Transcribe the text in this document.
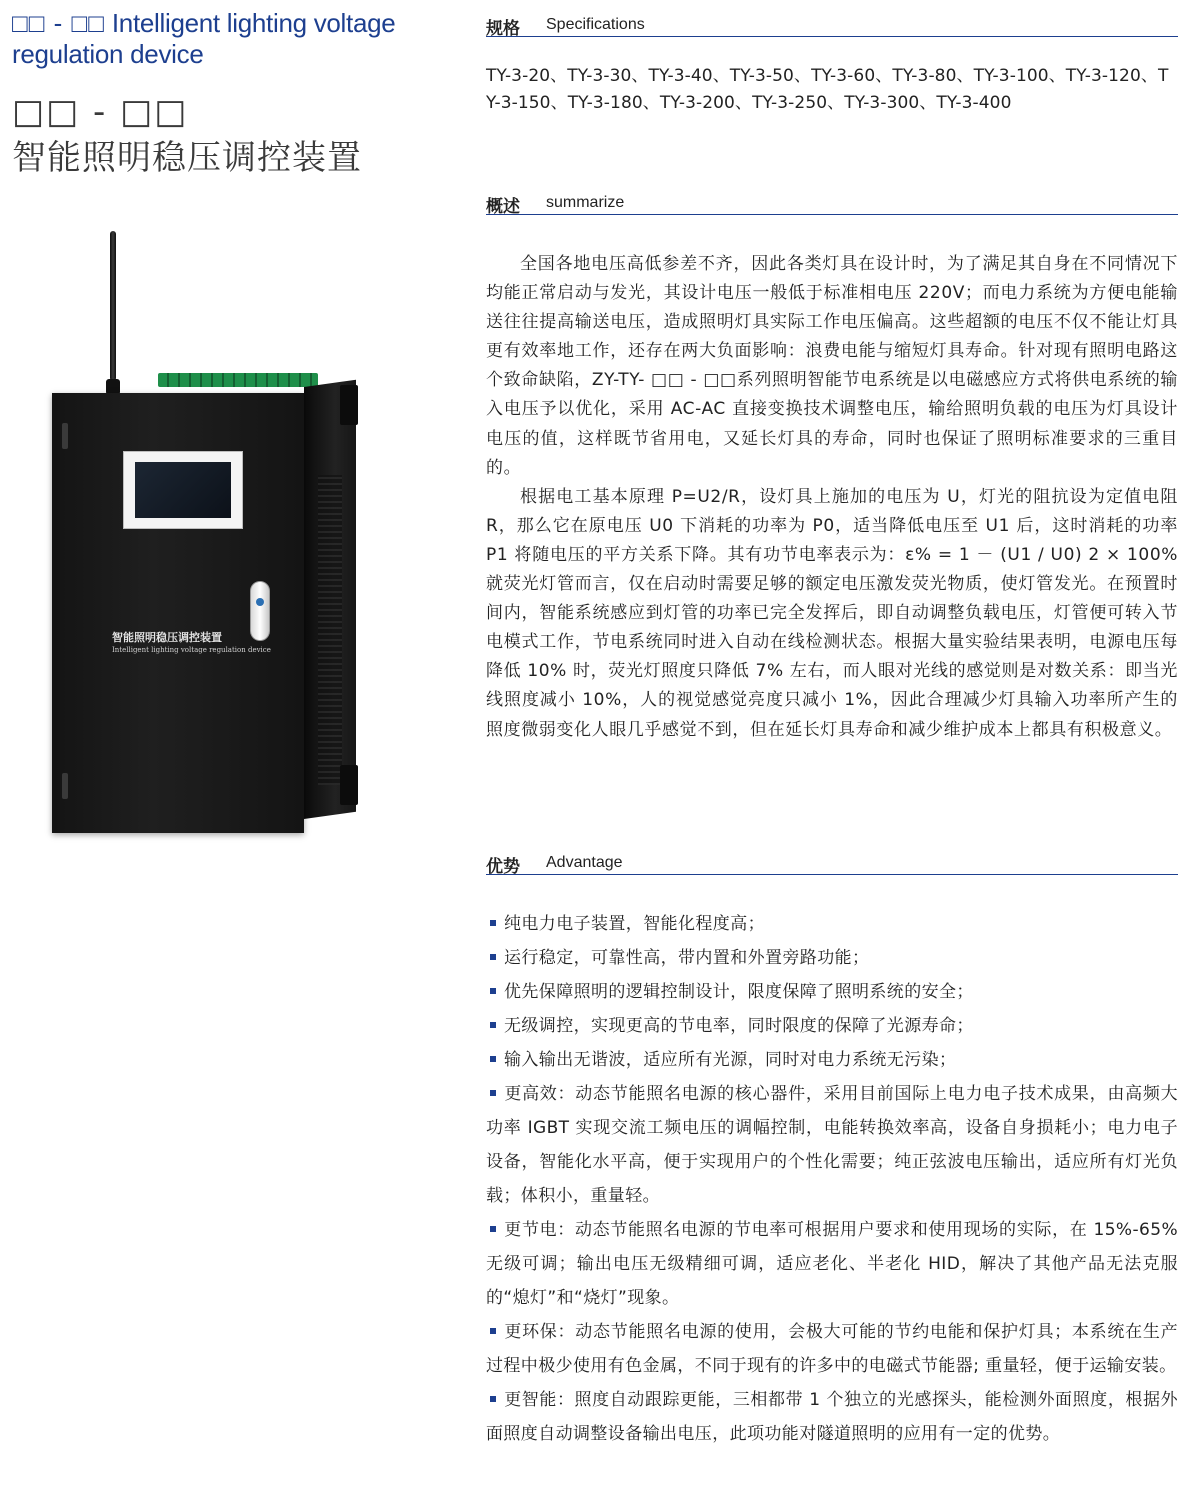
□□ - □□ Intelligent lighting voltage regulation device
□□ - □□
智能照明稳压调控装置
智能照明稳压调控装置
Intelligent lighting voltage regulation device
规格 Specifications
TY-3-20、TY-3-30、TY-3-40、TY-3-50、TY-3-60、TY-3-80、TY-3-100、TY-3-120、TY-3-150、TY-3-180、TY-3-200、TY-3-250、TY-3-300、TY-3-400
概述 summarize

全国各地电压高低参差不齐，因此各类灯具在设计时，为了满足其自身在不同情况下均能正常启动与发光，其设计电压一般低于标准相电压 220V；而电力系统为方便电能输送往往提高输送电压，造成照明灯具实际工作电压偏高。这些超额的电压不仅不能让灯具更有效率地工作，还存在两大负面影响：浪费电能与缩短灯具寿命。针对现有照明电路这个致命缺陷，ZY-TY- □□ - □□系列照明智能节电系统是以电磁感应方式将供电系统的输入电压予以优化，采用 AC-AC 直接变换技术调整电压，输给照明负载的电压为灯具设计电压的值，这样既节省用电，又延长灯具的寿命，同时也保证了照明标准要求的三重目的。

根据电工基本原理 P=U2/R，设灯具上施加的电压为 U，灯光的阻抗设为定值电阻 R，那么它在原电压 U0 下消耗的功率为 P0，适当降低电压至 U1 后，这时消耗的功率 P1 将随电压的平方关系下降。其有功节电率表示为：ε% = 1 － (U1 / U0) 2 × 100% 就荧光灯管而言，仅在启动时需要足够的额定电压激发荧光物质，使灯管发光。在预置时间内，智能系统感应到灯管的功率已完全发挥后，即自动调整负载电压，灯管便可转入节电模式工作，节电系统同时进入自动在线检测状态。根据大量实验结果表明，电源电压每降低 10% 时，荧光灯照度只降低 7% 左右，而人眼对光线的感觉则是对数关系：即当光线照度减小 10%，人的视觉感觉亮度只减小 1%，因此合理减少灯具输入功率所产生的照度微弱变化人眼几乎感觉不到，但在延长灯具寿命和减少维护成本上都具有积极意义。

优势 Advantage
纯电力电子装置，智能化程度高；
运行稳定，可靠性高，带内置和外置旁路功能；
优先保障照明的逻辑控制设计，限度保障了照明系统的安全；
无级调控，实现更高的节电率，同时限度的保障了光源寿命；
输入输出无谐波，适应所有光源，同时对电力系统无污染；
更高效：动态节能照名电源的核心器件，采用目前国际上电力电子技术成果，由高频大功率 IGBT 实现交流工频电压的调幅控制，电能转换效率高，设备自身损耗小；电力电子设备，智能化水平高，便于实现用户的个性化需要；纯正弦波电压输出，适应所有灯光负载；体积小，重量轻。
更节电：动态节能照名电源的节电率可根据用户要求和使用现场的实际，在 15%-65% 无级可调；输出电压无级精细可调，适应老化、半老化 HID，解决了其他产品无法克服的“熄灯”和“烧灯”现象。
更环保：动态节能照名电源的使用，会极大可能的节约电能和保护灯具；本系统在生产过程中极少使用有色金属，不同于现有的许多中的电磁式节能器; 重量轻，便于运输安装。
更智能：照度自动跟踪更能，三相都带 1 个独立的光感探头，能检测外面照度，根据外面照度自动调整设备输出电压，此项功能对隧道照明的应用有一定的优势。
